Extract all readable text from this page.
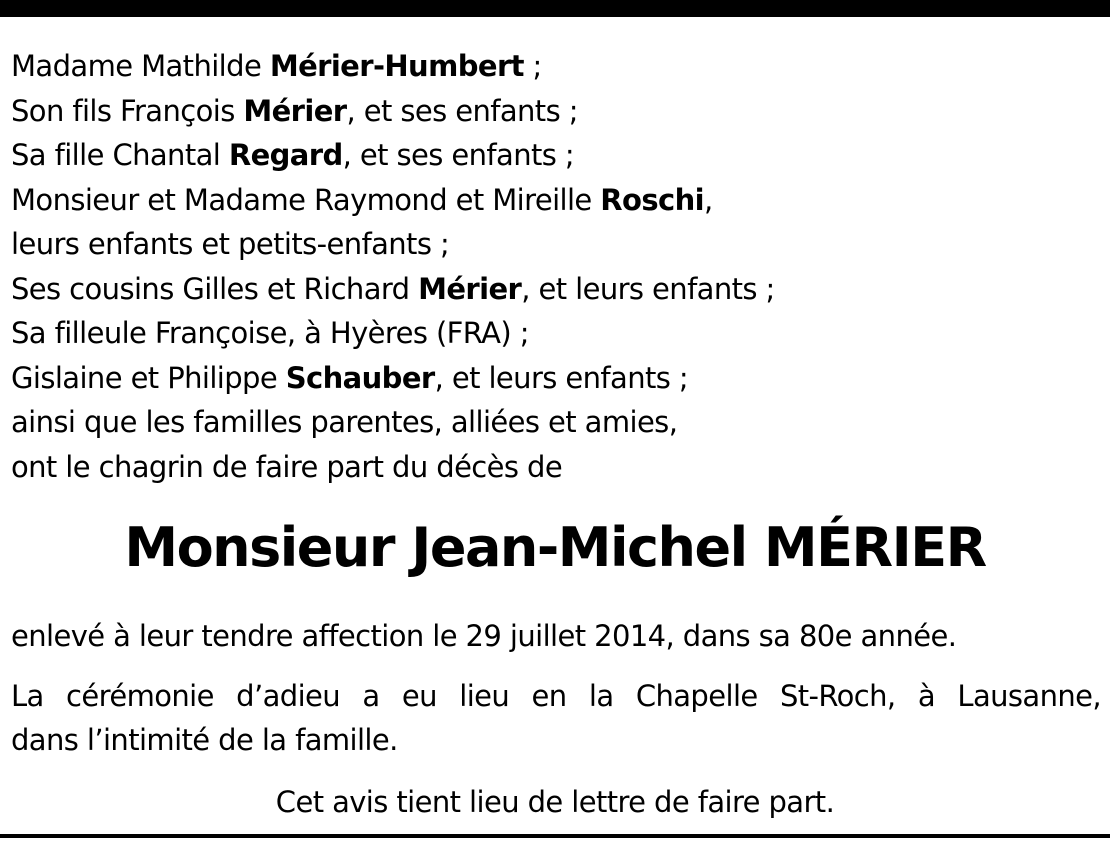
Madame Mathilde Mérier-Humbert ;
Son fils François Mérier, et ses enfants ;
Sa fille Chantal Regard, et ses enfants ;
Monsieur et Madame Raymond et Mireille Roschi,
leurs enfants et petits-enfants ;
Ses cousins Gilles et Richard Mérier, et leurs enfants ;
Sa filleule Françoise, à Hyères (FRA) ;
Gislaine et Philippe Schauber, et leurs enfants ;
ainsi que les familles parentes, alliées et amies,
ont le chagrin de faire part du décès de
Monsieur Jean-Michel MÉRIER
enlevé à leur tendre affection le 29 juillet 2014, dans sa 80e année.
La cérémonie d’adieu a eu lieu en la Chapelle St-Roch, à Lausanne,
dans l’intimité de la famille.
Cet avis tient lieu de lettre de faire part.
